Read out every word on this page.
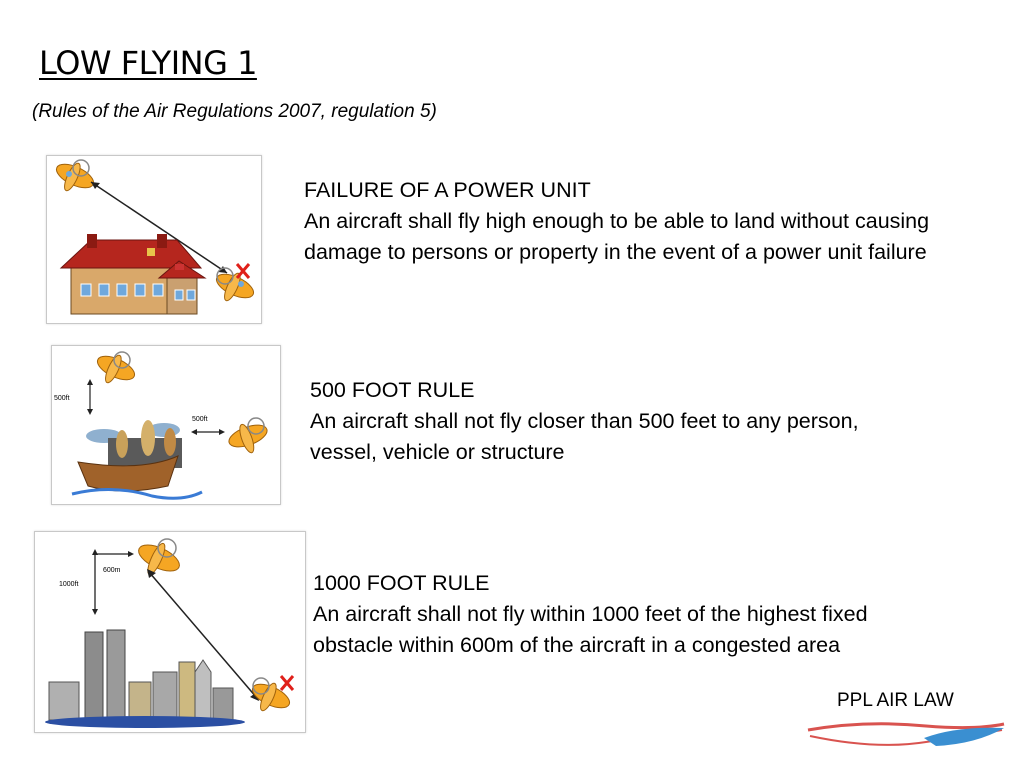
LOW FLYING 1
(Rules of the Air Regulations 2007, regulation 5)
500ft
500ft
1000ft
600m
FAILURE OF A POWER UNIT
An aircraft shall fly high enough to be able to land without causing damage to persons or property in the event of a power unit failure
500 FOOT RULE
An aircraft shall not fly closer than 500 feet to any person, vessel, vehicle or structure
1000 FOOT RULE
An aircraft shall not fly within 1000 feet of the highest fixed obstacle within 600m of the aircraft in a congested area
PPL AIR LAW
